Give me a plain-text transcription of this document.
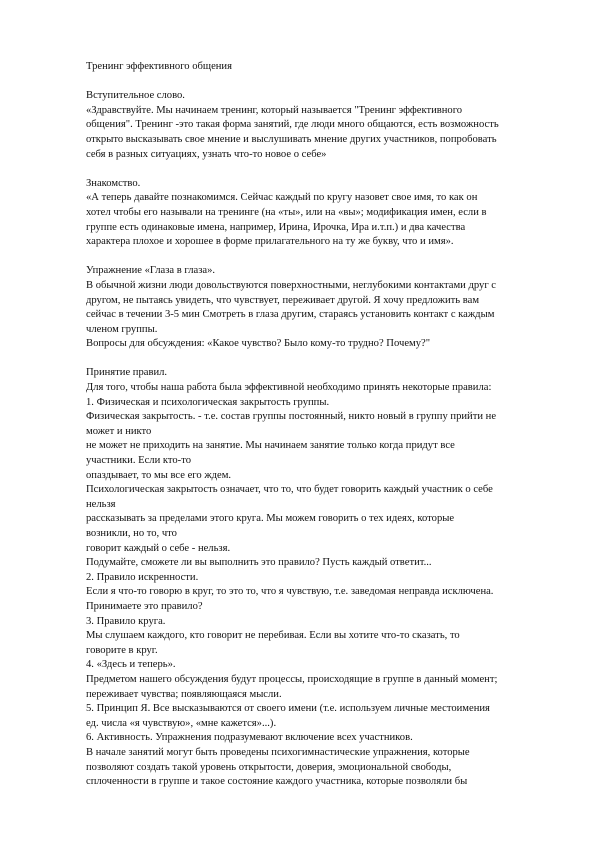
Тренинг эффективного общения
Вступительное слово.
«Здравствуйте. Мы начинаем тренинг, который называется "Тренинг эффективного
общения". Тренинг -это такая форма занятий, где люди много общаются, есть возможность
открыто высказывать свое мнение и выслушивать мнение других участников, попробовать
себя в разных ситуациях, узнать что-то новое о себе»
Знакомство.
«А теперь давайте познакомимся. Сейчас каждый по кругу назовет свое имя, то как он
хотел чтобы его называли на тренинге (на «ты», или на «вы»; модификация имен, если в
группе есть одинаковые имена, например, Ирина, Ирочка, Ира и.т.п.) и два качества
характера плохое и хорошее в форме прилагательного на ту же букву, что и имя».
Упражнение «Глаза в глаза».
В обычной жизни люди довольствуются поверхностными, неглубокими контактами друг с
другом, не пытаясь увидеть, что чувствует, переживает другой. Я хочу предложить вам
сейчас в течении 3-5 мин Смотреть в глаза другим, стараясь установить контакт с каждым
членом группы.
Вопросы для обсуждения: «Какое чувство? Было кому-то трудно? Почему?"
Принятие правил.
Для того, чтобы наша работа была эффективной необходимо принять некоторые правила:
1. Физическая и психологическая закрытость группы.
Физическая закрытость. - т.е. состав группы постоянный, никто новый в группу прийти не
может и никто
не может не приходить на занятие. Мы начинаем занятие только когда придут все
участники. Если кто-то
опаздывает, то мы все его ждем.
Психологическая закрытость означает, что то, что будет говорить каждый участник о себе
нельзя
рассказывать за пределами этого круга. Мы можем говорить о тех идеях, которые
возникли, но то, что
говорит каждый о себе - нельзя.
Подумайте, сможете ли вы выполнить это правило? Пусть каждый ответит...
2. Правило искренности.
Если я что-то говорю в круг, то это то, что я чувствую, т.е. заведомая неправда исключена.
Принимаете это правило?
3. Правило круга.
Мы слушаем каждого, кто говорит не перебивая. Если вы хотите что-то сказать, то
говорите в круг.
4. «Здесь и теперь».
Предметом нашего обсуждения будут процессы, происходящие в группе в данный момент;
переживает чувства; появляющаяся мысли.
5. Принцип Я. Все высказываются от своего имени (т.е. используем личные местоимения
ед. числа «я чувствую», «мне кажется»...).
6. Активность. Упражнения подразумевают включение всех участников.
В начале занятий могут быть проведены психогимнастические упражнения, которые
позволяют создать такой уровень открытости, доверия, эмоциональной свободы,
сплоченности в группе и такое состояние каждого участника, которые позволяли бы
